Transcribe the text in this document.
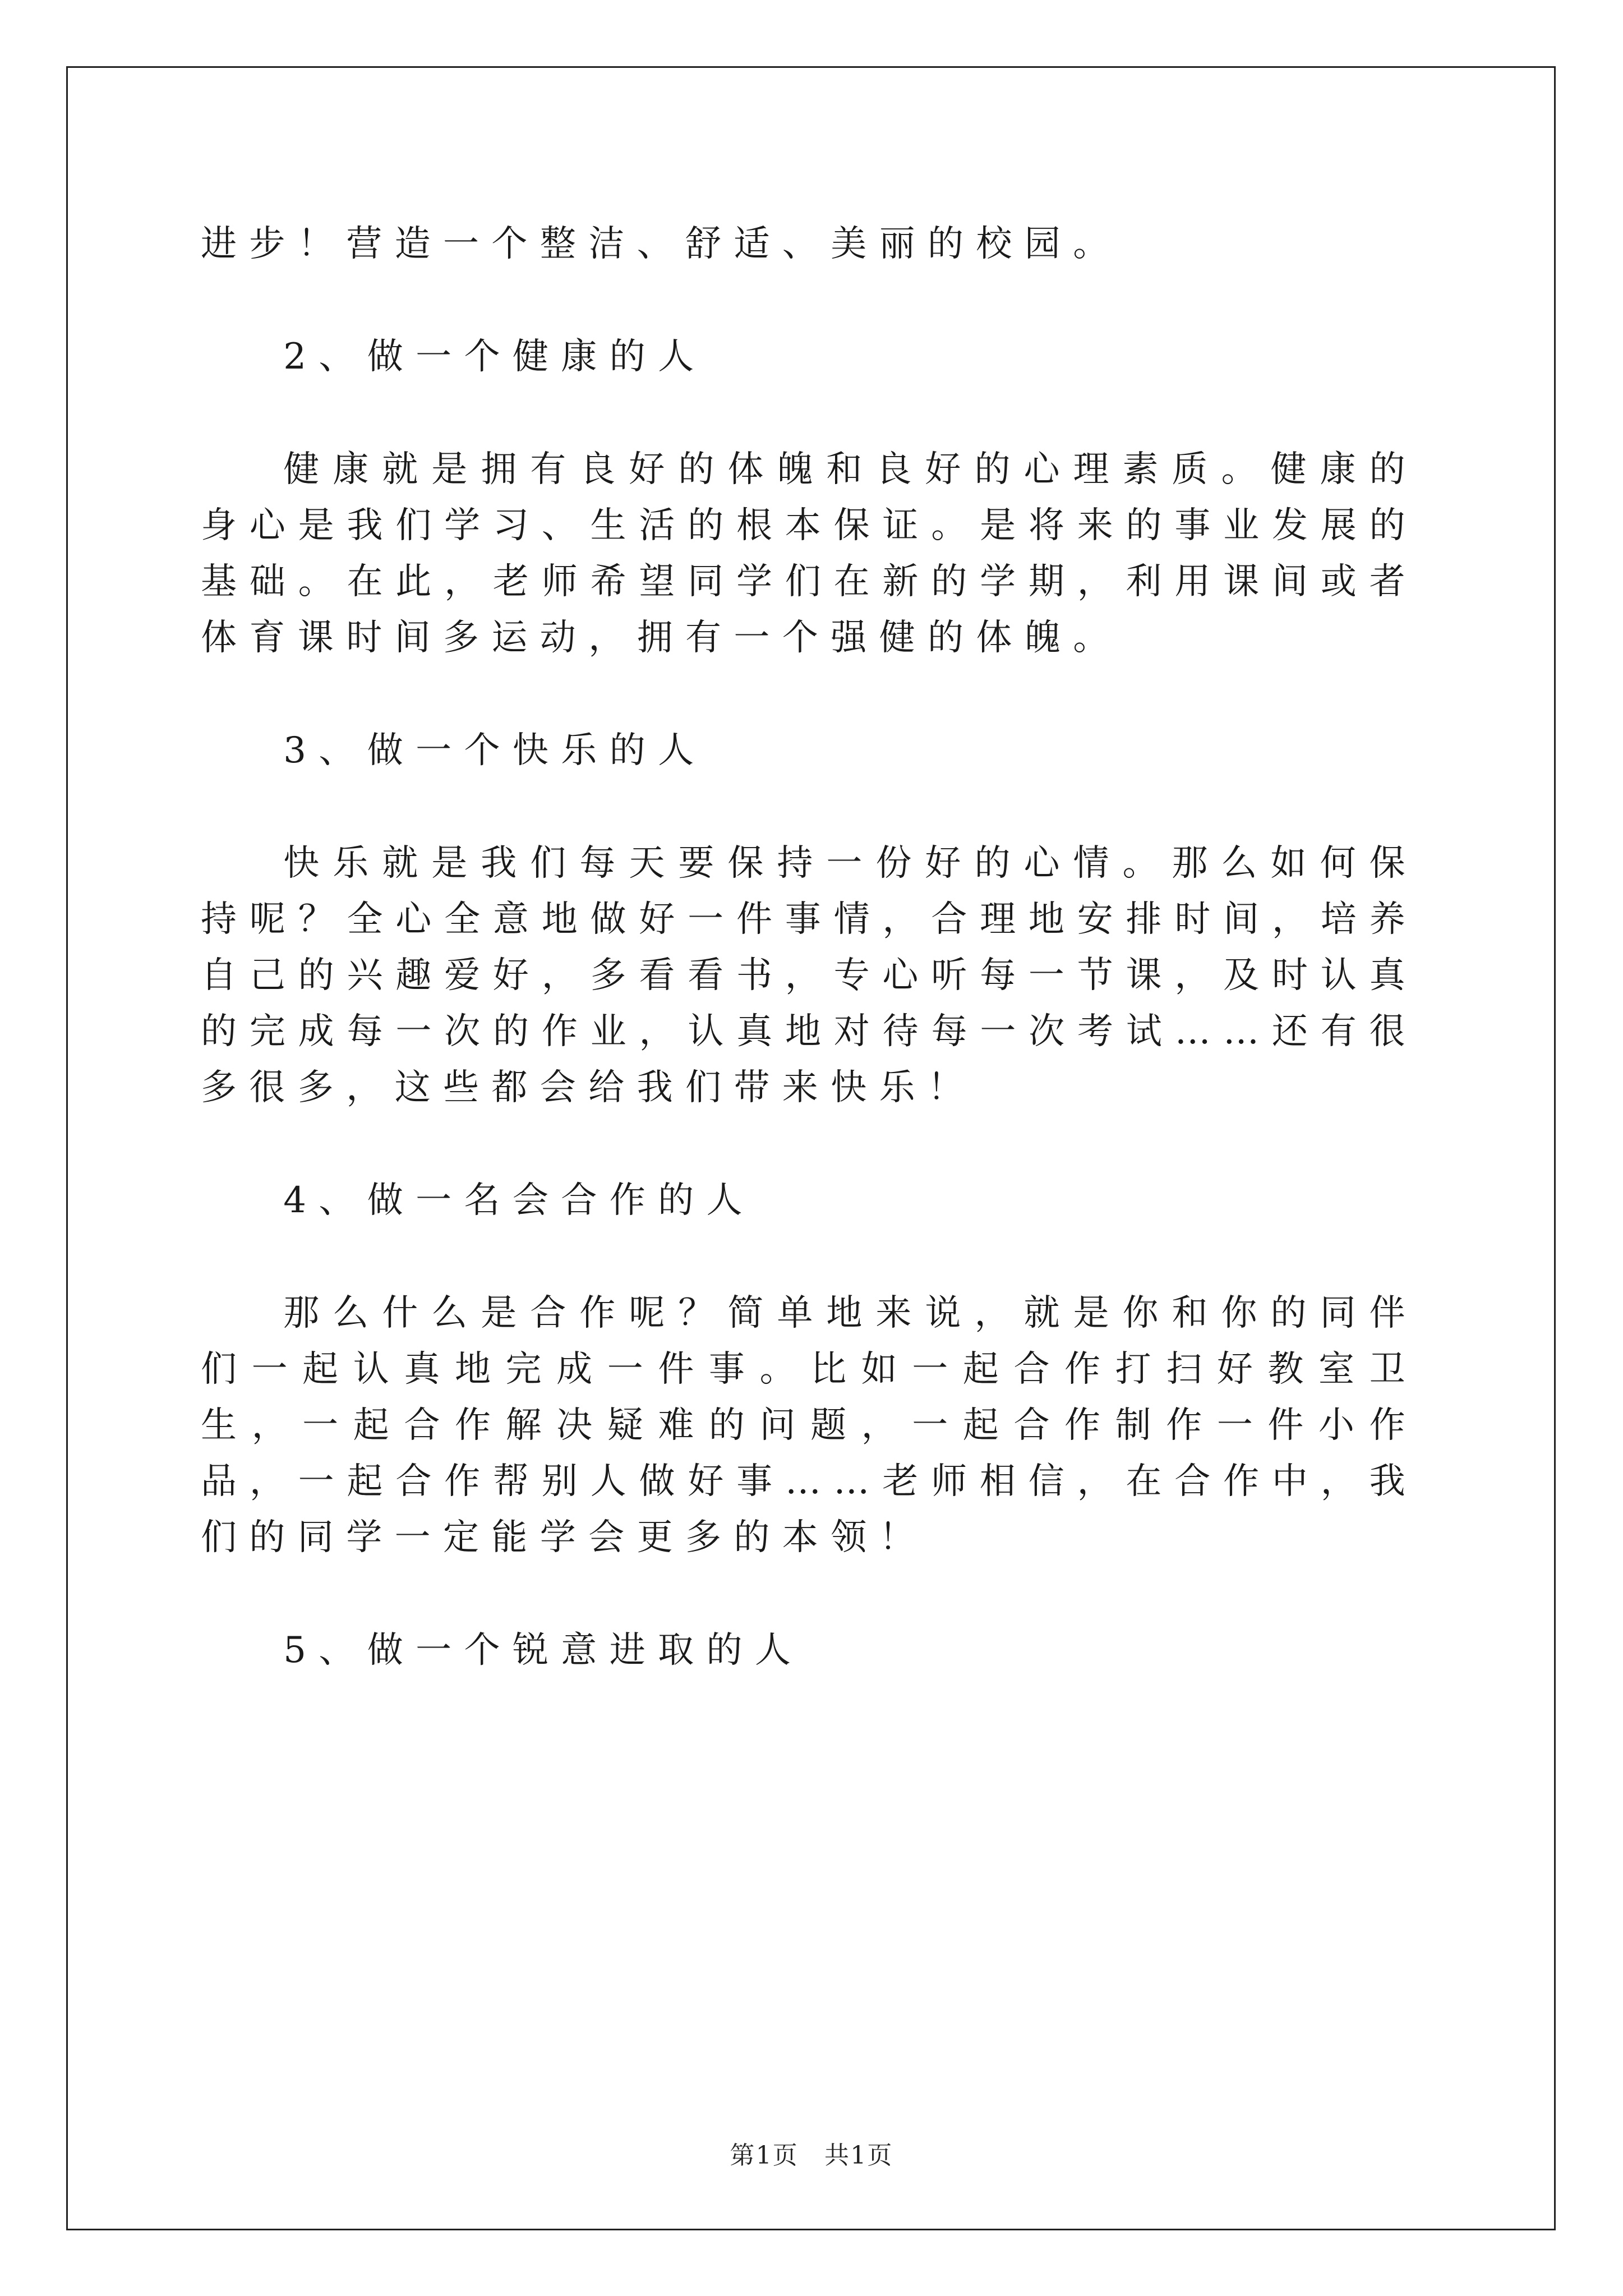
进步！营造一个整洁、舒适、美丽的校园。

2、做一个健康的人

健康就是拥有良好的体魄和良好的心理素质。健康的身心是我们学习、生活的根本保证。是将来的事业发展的基础。在此，老师希望同学们在新的学期，利用课间或者体育课时间多运动，拥有一个强健的体魄。

3、做一个快乐的人

快乐就是我们每天要保持一份好的心情。那么如何保持呢？全心全意地做好一件事情，合理地安排时间，培养自己的兴趣爱好，多看看书，专心听每一节课，及时认真的完成每一次的作业，认真地对待每一次考试……还有很多很多，这些都会给我们带来快乐！

4、做一名会合作的人

那么什么是合作呢？简单地来说，就是你和你的同伴们一起认真地完成一件事。比如一起合作打扫好教室卫生，一起合作解决疑难的问题，一起合作制作一件小作品，一起合作帮别人做好事……老师相信，在合作中，我们的同学一定能学会更多的本领！

5、做一个锐意进取的人

第1页 共1页
